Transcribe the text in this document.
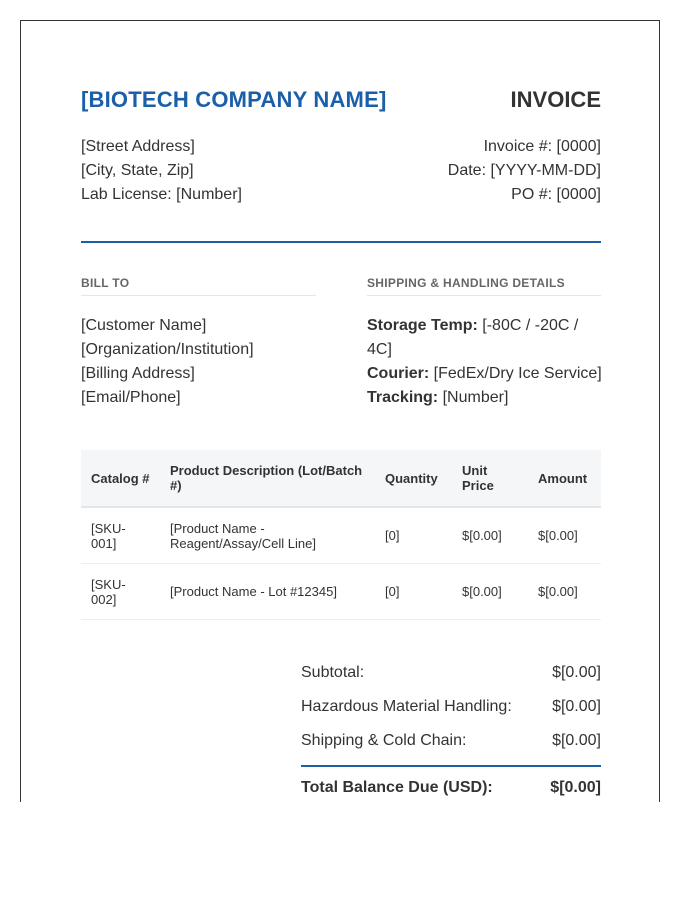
[BIOTECH COMPANY NAME]	INVOICE
[Street Address]
[City, State, Zip]
Lab License: [Number]
Invoice #: [0000]
Date: [YYYY-MM-DD]
PO #: [0000]
BILL TO
[Customer Name]
[Organization/Institution]
[Billing Address]
[Email/Phone]
SHIPPING & HANDLING DETAILS
Storage Temp: [-80C / -20C / 4C]
Courier: [FedEx/Dry Ice Service]
Tracking: [Number]
Catalog #	Product Description (Lot/Batch #)	Quantity	Unit Price	Amount
[SKU-001]	[Product Name - Reagent/Assay/Cell Line]	[0]	$[0.00]	$[0.00]
[SKU-002]	[Product Name - Lot #12345]	[0]	$[0.00]	$[0.00]
Subtotal:	$[0.00]
Hazardous Material Handling:	$[0.00]
Shipping & Cold Chain:	$[0.00]
Total Balance Due (USD):	$[0.00]
